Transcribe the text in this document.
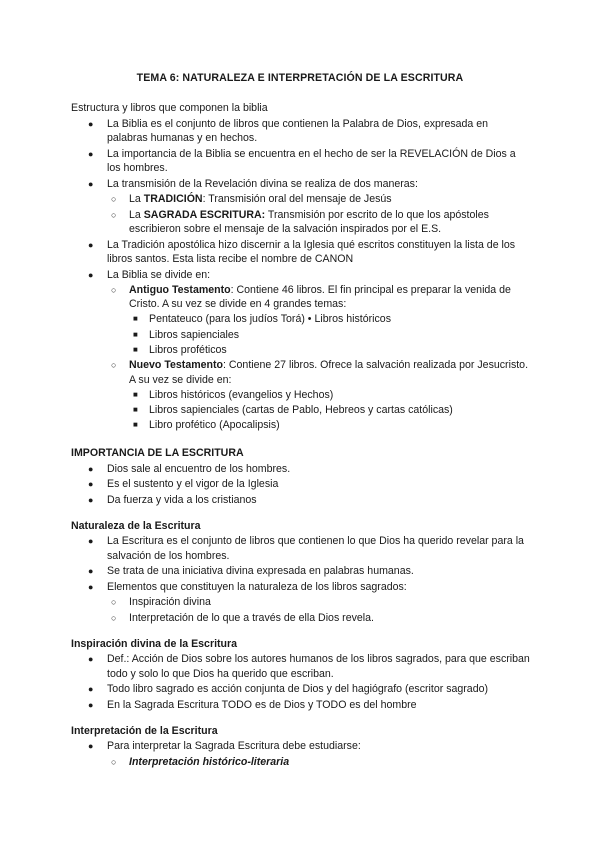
TEMA 6: NATURALEZA E INTERPRETACIÓN DE LA ESCRITURA
Estructura y libros que componen la biblia
● La Biblia es el conjunto de libros que contienen la Palabra de Dios, expresada en palabras humanas y en hechos.
● La importancia de la Biblia se encuentra en el hecho de ser la REVELACIÓN de Dios a los hombres.
● La transmisión de la Revelación divina se realiza de dos maneras:
○ La TRADICIÓN: Transmisión oral del mensaje de Jesús
○ La SAGRADA ESCRITURA: Transmisión por escrito de lo que los apóstoles escribieron sobre el mensaje de la salvación inspirados por el E.S.
● La Tradición apostólica hizo discernir a la Iglesia qué escritos constituyen la lista de los libros santos. Esta lista recibe el nombre de CANON
● La Biblia se divide en:
○ Antiguo Testamento: Contiene 46 libros. El fin principal es preparar la venida de Cristo. A su vez se divide en 4 grandes temas:
■ Pentateuco (para los judíos Torá) • Libros históricos
■ Libros sapienciales
■ Libros proféticos
○ Nuevo Testamento: Contiene 27 libros. Ofrece la salvación realizada por Jesucristo. A su vez se divide en:
■ Libros históricos (evangelios y Hechos)
■ Libros sapienciales (cartas de Pablo, Hebreos y cartas católicas)
■ Libro profético (Apocalipsis)
IMPORTANCIA DE LA ESCRITURA
● Dios sale al encuentro de los hombres.
● Es el sustento y el vigor de la Iglesia
● Da fuerza y vida a los cristianos
Naturaleza de la Escritura
● La Escritura es el conjunto de libros que contienen lo que Dios ha querido revelar para la salvación de los hombres.
● Se trata de una iniciativa divina expresada en palabras humanas.
● Elementos que constituyen la naturaleza de los libros sagrados:
○ Inspiración divina
○ Interpretación de lo que a través de ella Dios revela.
Inspiración divina de la Escritura
● Def.: Acción de Dios sobre los autores humanos de los libros sagrados, para que escriban todo y solo lo que Dios ha querido que escriban.
● Todo libro sagrado es acción conjunta de Dios y del hagiógrafo (escritor sagrado)
● En la Sagrada Escritura TODO es de Dios y TODO es del hombre
Interpretación de la Escritura
● Para interpretar la Sagrada Escritura debe estudiarse:
○ Interpretación histórico-literaria
